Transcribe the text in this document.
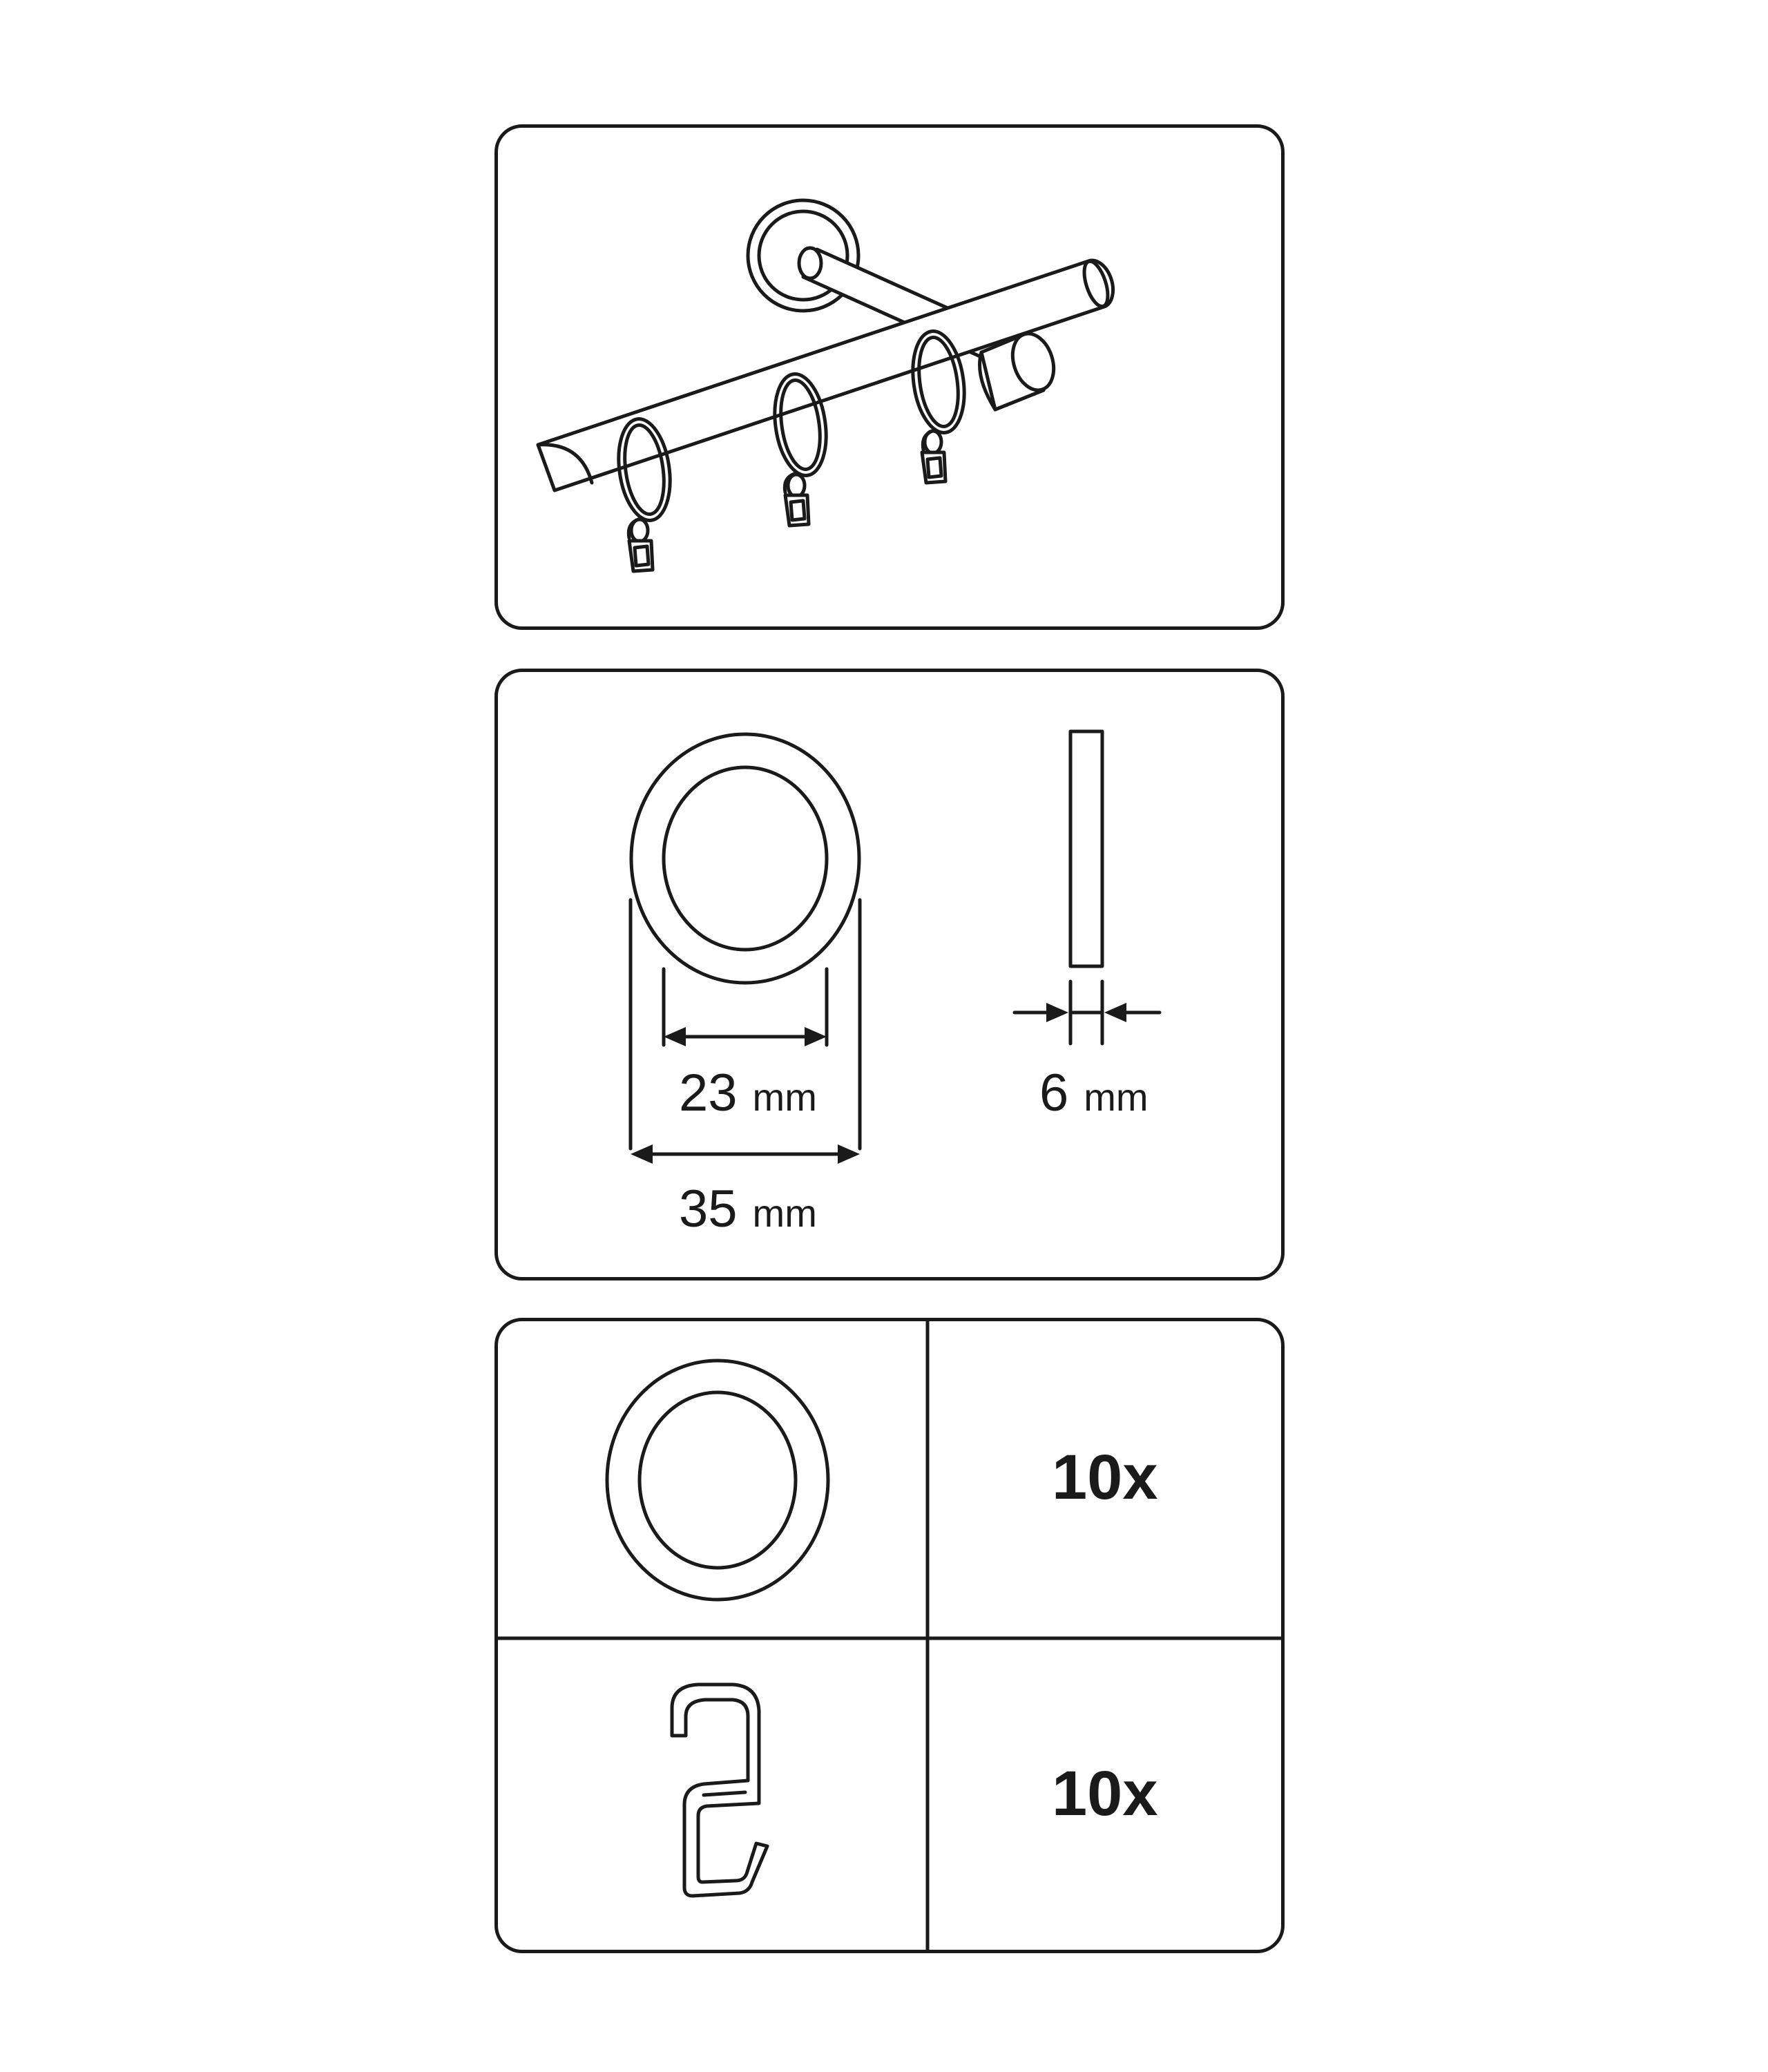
23 mm
35 mm
6 mm
10x
10x
